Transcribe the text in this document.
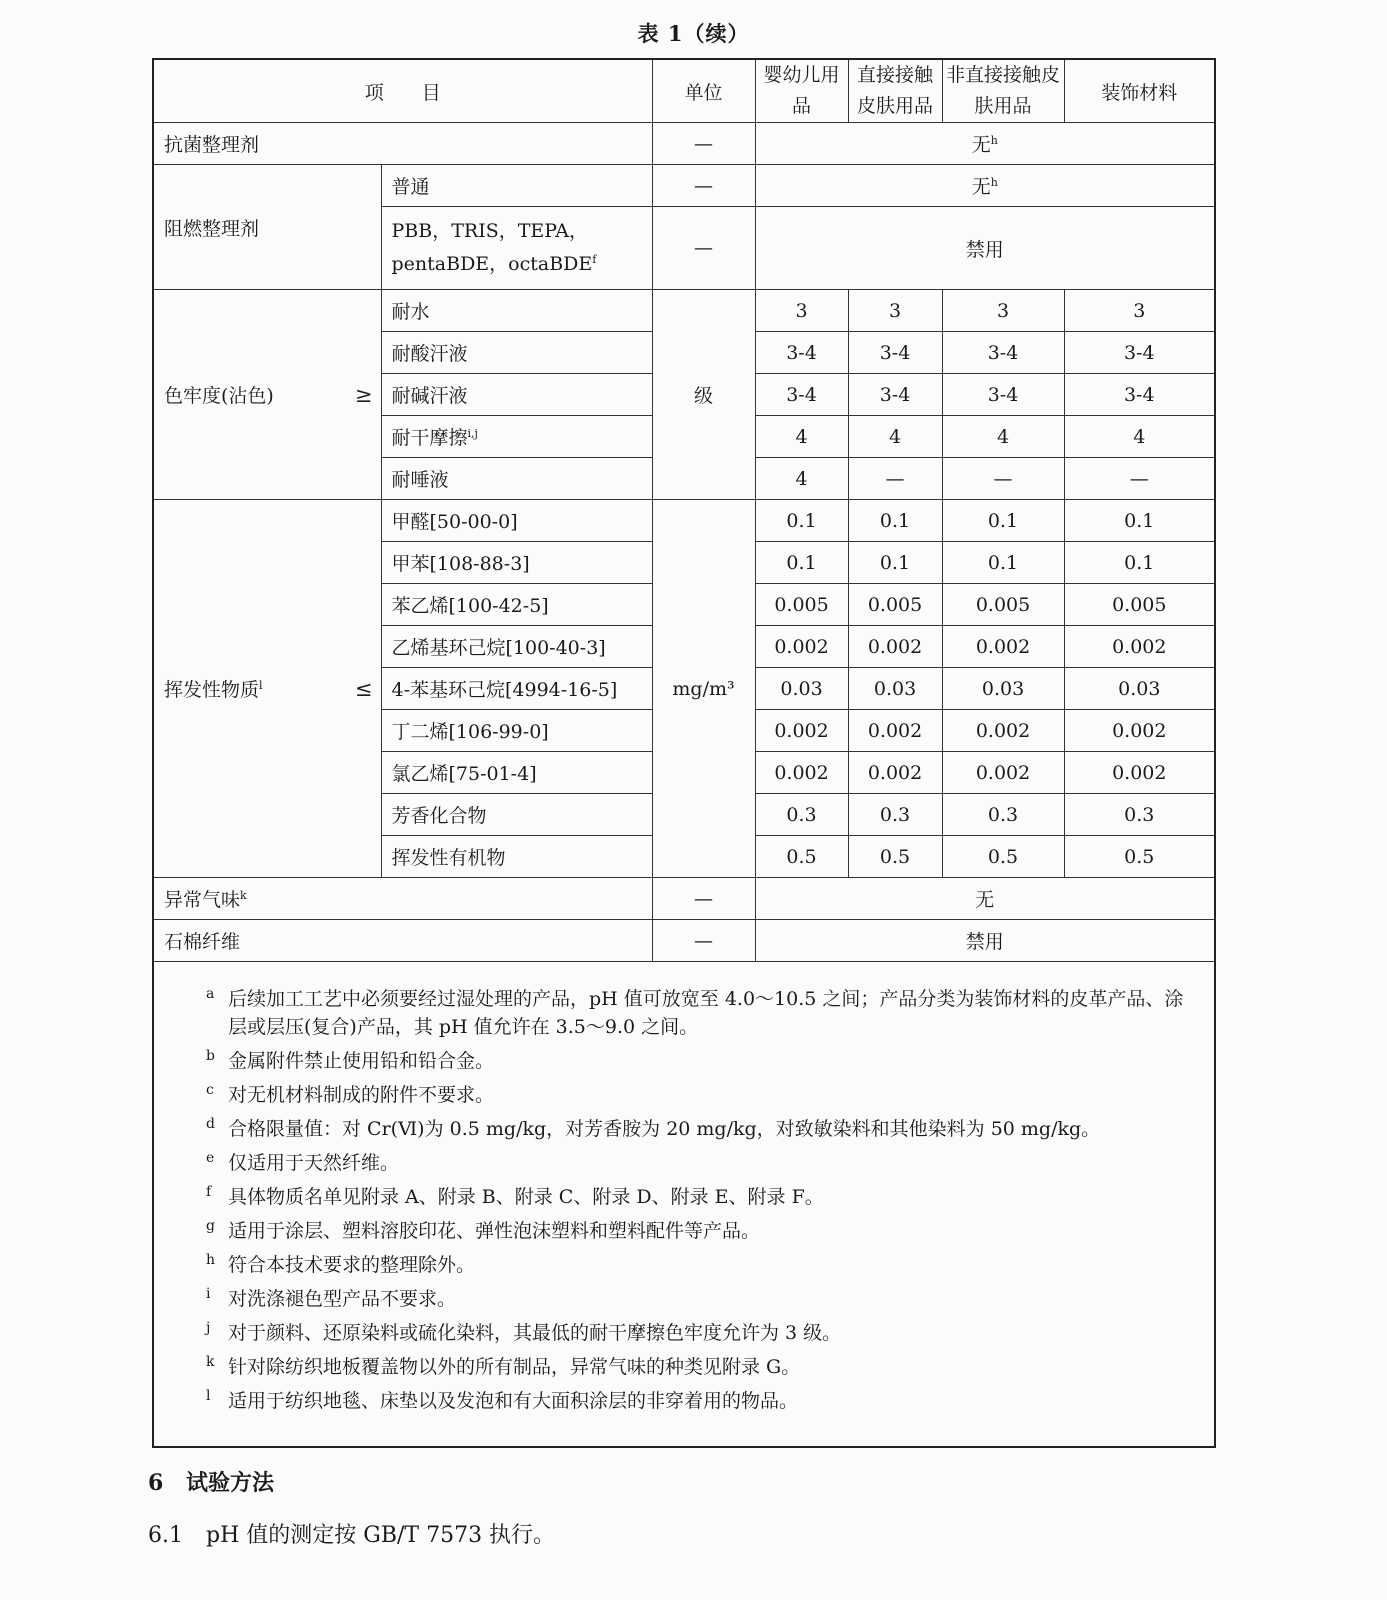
表 1（续）
项　　目		单位	婴幼儿用品	直接接触皮肤用品	非直接接触皮肤用品	装饰材料
抗菌整理剂		—	无$^h$
阻燃整理剂	普通	—	无$^h$
	PBB，TRIS，TEPA，pentaBDE，octaBDE$^f$	—	禁用			
色牢度(沾色) ≥	耐水	级	3	3	3	3
	耐酸汗液		3-4	3-4	3-4	3-4
	耐碱汗液		3-4	3-4	3-4	3-4
	耐干摩擦$^{i,j}$		4	4	4	4
	耐唾液		4	—	—	—
挥发性物质$^l$ ≤	甲醛[50-00-0]	mg/m³	0.1	0.1	0.1	0.1
	甲苯[108-88-3]		0.1	0.1	0.1	0.1
	苯乙烯[100-42-5]		0.005	0.005	0.005	0.005
	乙烯基环己烷[100-40-3]		0.002	0.002	0.002	0.002
	4-苯基环己烷[4994-16-5]		0.03	0.03	0.03	0.03
	丁二烯[106-99-0]		0.002	0.002	0.002	0.002
	氯乙烯[75-01-4]		0.002	0.002	0.002	0.002
	芳香化合物		0.3	0.3	0.3	0.3
	挥发性有机物		0.5	0.5	0.5	0.5
异常气味$^k$		—	无			
石棉纤维		—	禁用			
a 后续加工工艺中必须要经过湿处理的产品，pH 值可放宽至 4.0～10.5 之间；产品分类为装饰材料的皮革产品、涂层或层压(复合)产品，其 pH 值允许在 3.5～9.0 之间。
b 金属附件禁止使用铅和铅合金。
c 对无机材料制成的附件不要求。
d 合格限量值：对 Cr(Ⅵ)为 0.5 mg/kg，对芳香胺为 20 mg/kg，对致敏染料和其他染料为 50 mg/kg。
e 仅适用于天然纤维。
f 具体物质名单见附录 A、附录 B、附录 C、附录 D、附录 E、附录 F。
g 适用于涂层、塑料溶胶印花、弹性泡沫塑料和塑料配件等产品。
h 符合本技术要求的整理除外。
i 对洗涤褪色型产品不要求。
j 对于颜料、还原染料或硫化染料，其最低的耐干摩擦色牢度允许为 3 级。
k 针对除纺织地板覆盖物以外的所有制品，异常气味的种类见附录 G。
l 适用于纺织地毯、床垫以及发泡和有大面积涂层的非穿着用的物品。
6 试验方法
6.1 pH 值的测定按 GB/T 7573 执行。
